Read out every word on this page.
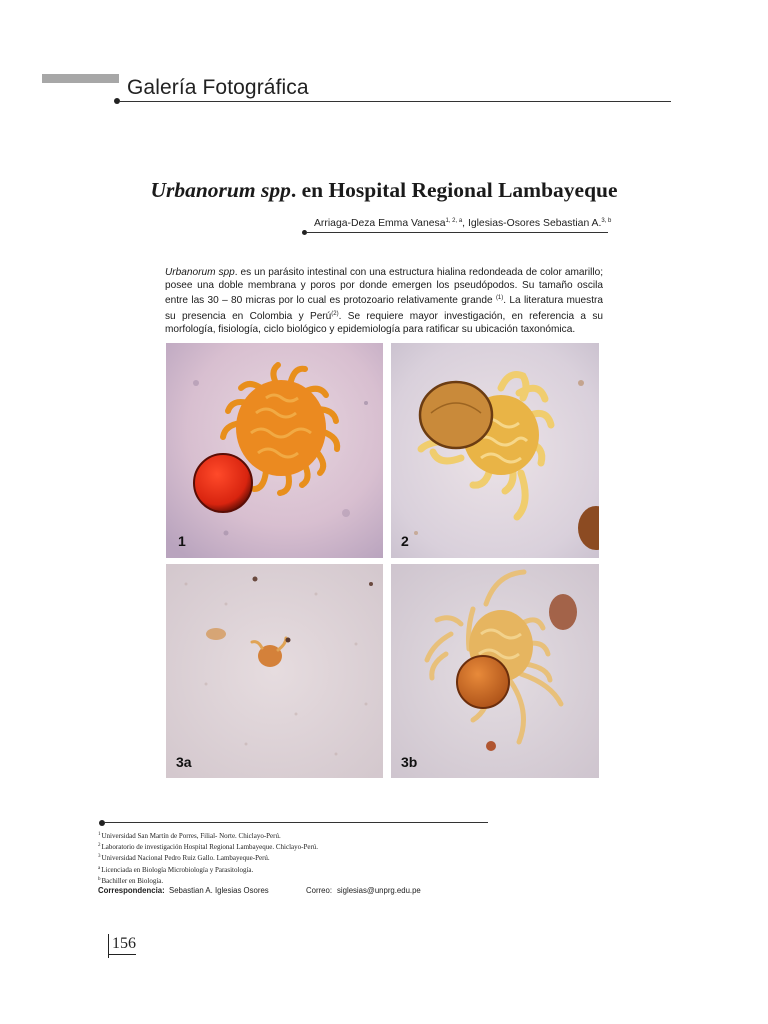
Galería Fotográfica
Urbanorum spp. en Hospital Regional Lambayeque
Arriaga-Deza Emma Vanesa$^{1, 2, a}$, Iglesias-Osores Sebastian A.$^{3, b}$
Urbanorum spp. es un parásito intestinal con una estructura hialina redondeada de color amarillo; posee una doble membrana y poros por donde emergen los pseudópodos. Su tamaño oscila entre las 30 – 80 micras por lo cual es protozoario relativamente grande $^{(1)}$. La literatura muestra su presencia en Colombia y Perú$^{(2)}$. Se requiere mayor investigación, en referencia a su morfología, fisiología, ciclo biológico y epidemiología para ratificar su ubicación taxonómica.
1	2
3a	3b
$^1$Universidad San Martín de Porres, Filial- Norte. Chiclayo-Perú.
$^2$Laboratorio de investigación Hospital Regional Lambayeque. Chiclayo-Perú.
$^3$Universidad Nacional Pedro Ruiz Gallo. Lambayeque-Perú.
$^a$Licenciada en Biología Microbiología y Parasitología.
$^b$Bachiller en Biología.
Correspondencia: Sebastian A. Iglesias Osores	Correo: siglesias@unprg.edu.pe
156
